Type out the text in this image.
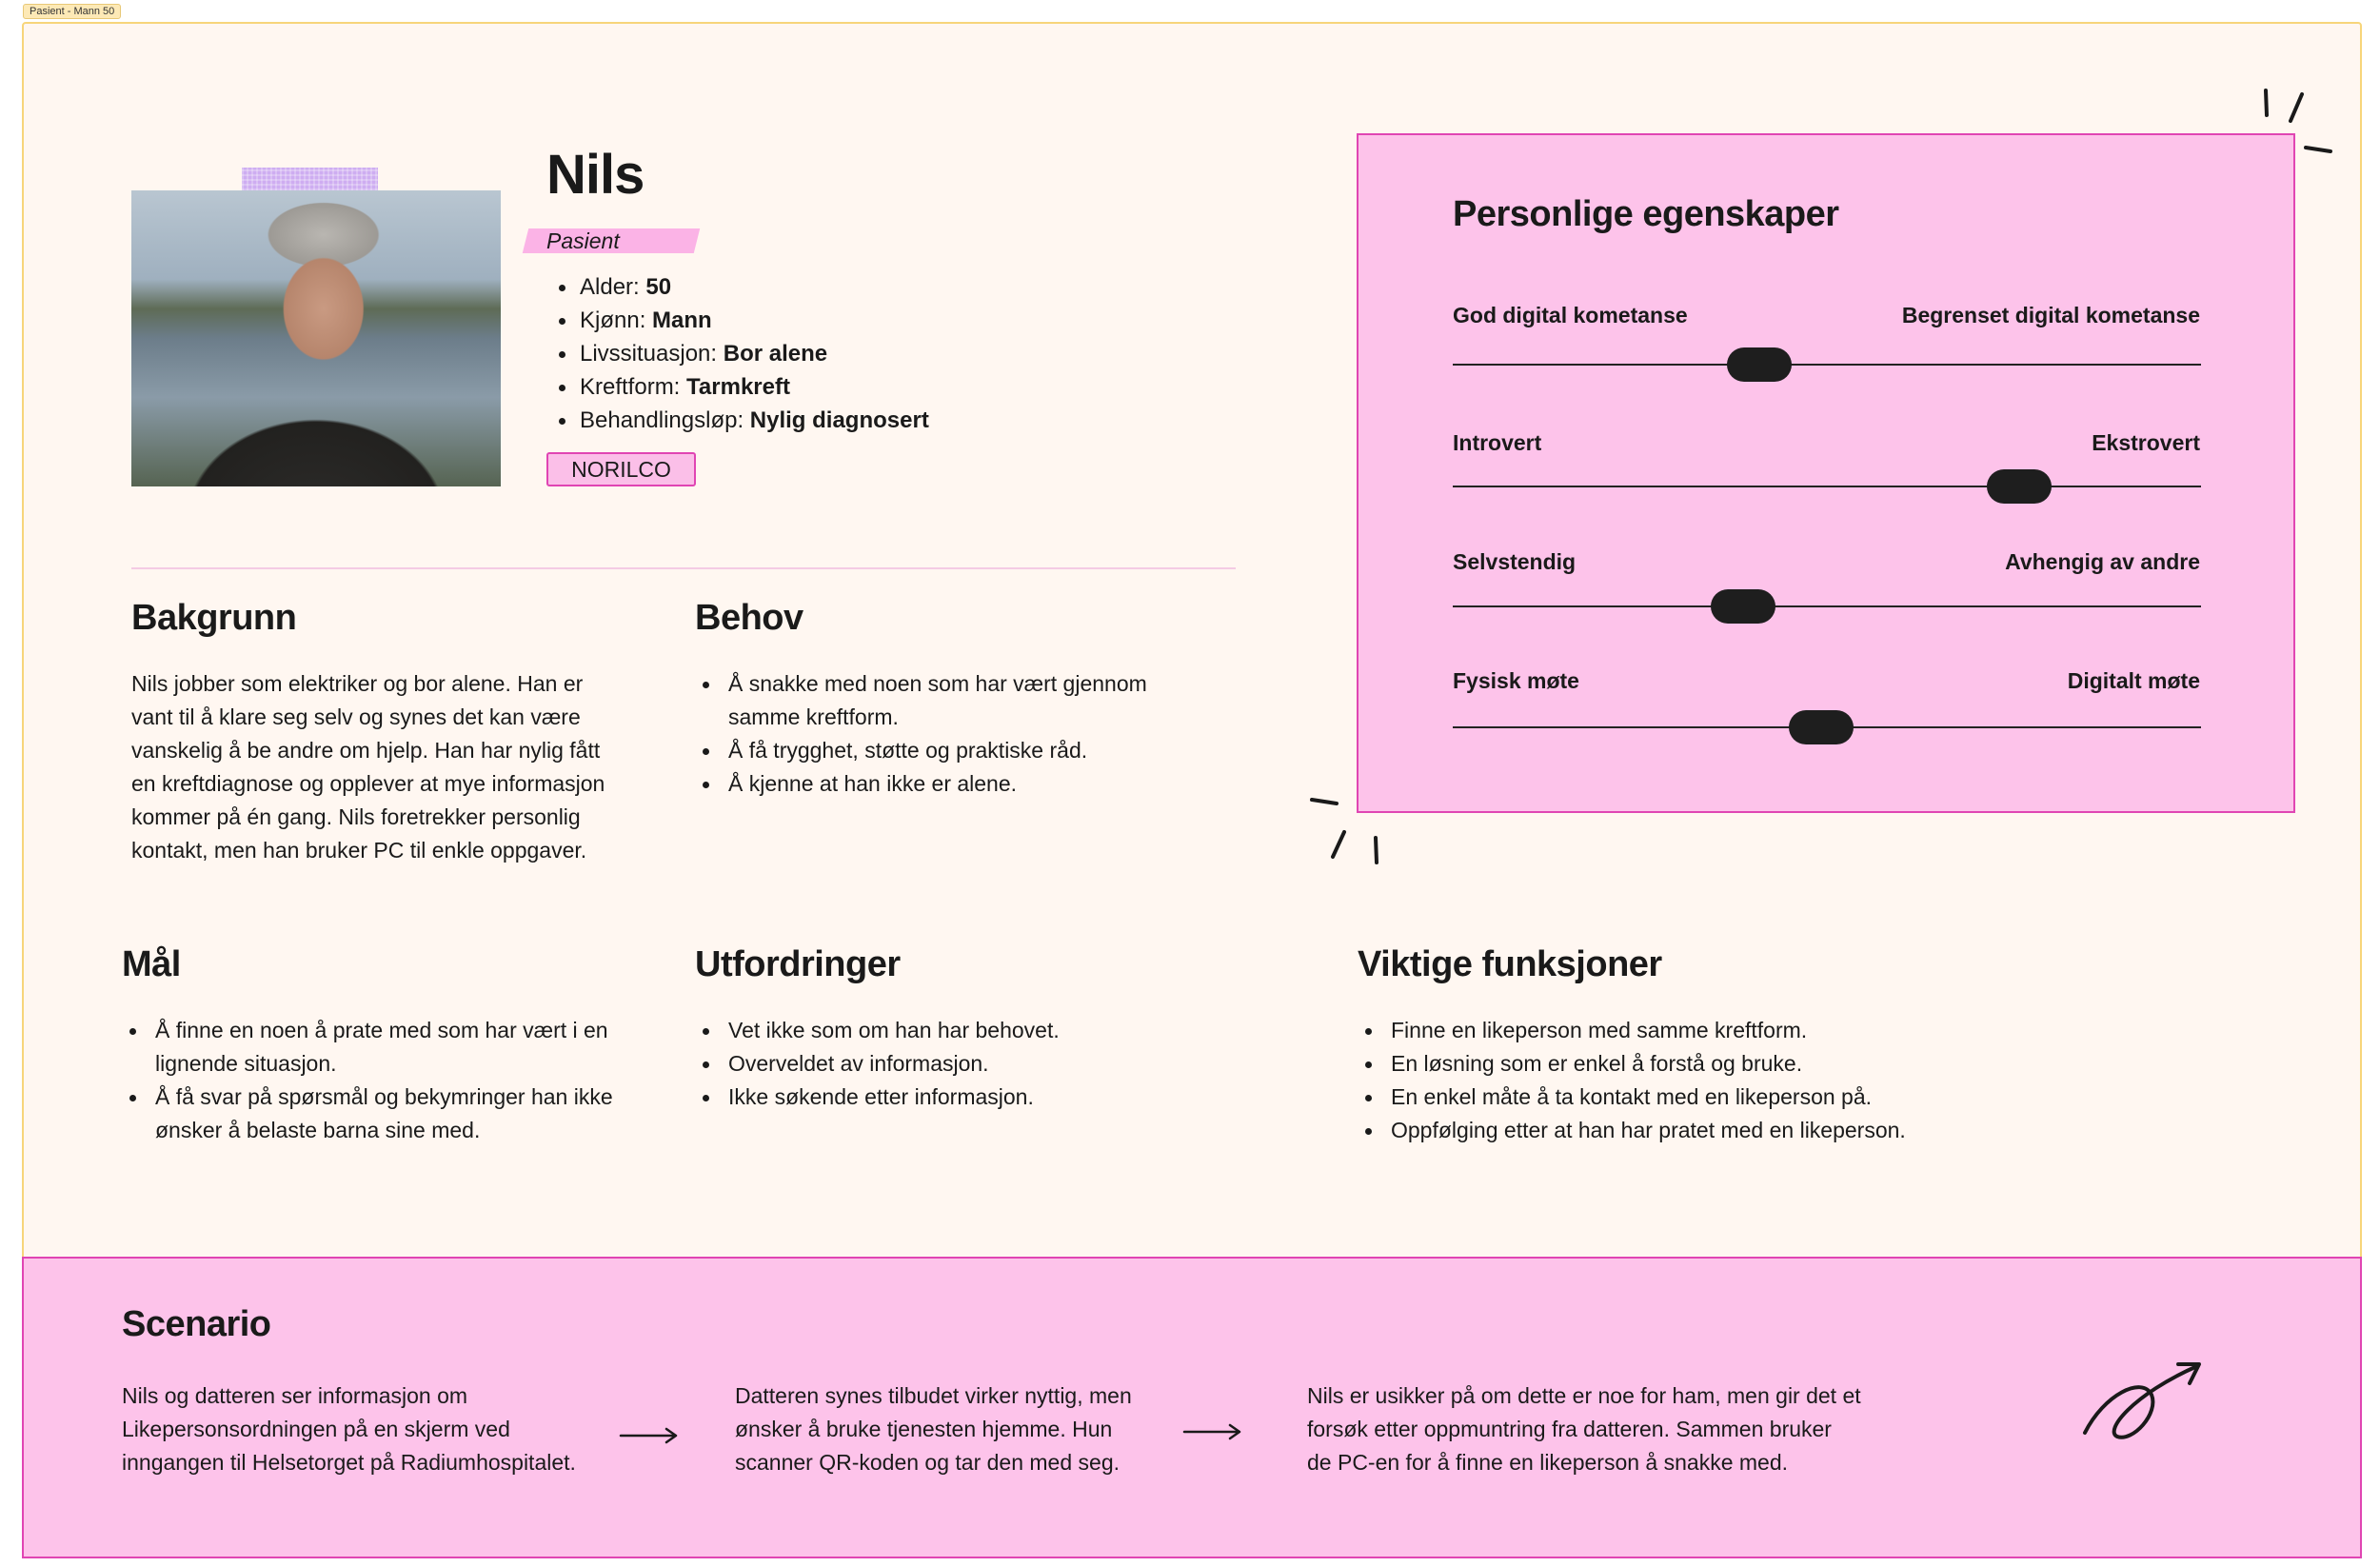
Pasient - Mann 50
Nils
Pasient
Alder: 50
Kjønn: Mann
Livssituasjon: Bor alene
Kreftform: Tarmkreft
Behandlingsløp: Nylig diagnosert
NORILCO
Bakgrunn
Nils jobber som elektriker og bor alene. Han er
vant til å klare seg selv og synes det kan være
vanskelig å be andre om hjelp. Han har nylig fått
en kreftdiagnose og opplever at mye informasjon
kommer på én gang. Nils foretrekker personlig
kontakt, men han bruker PC til enkle oppgaver.
Behov
Å snakke med noen som har vært gjennom
samme kreftform.
Å få trygghet, støtte og praktiske råd.
Å kjenne at han ikke er alene.
Mål
Å finne en noen å prate med som har vært i en
lignende situasjon.
Å få svar på spørsmål og bekymringer han ikke
ønsker å belaste barna sine med.
Utfordringer
Vet ikke som om han har behovet.
Overveldet av informasjon.
Ikke søkende etter informasjon.
Viktige funksjoner
Finne en likeperson med samme kreftform.
En løsning som er enkel å forstå og bruke.
En enkel måte å ta kontakt med en likeperson på.
Oppfølging etter at han har pratet med en likeperson.
Personlige egenskaper
God digital kometanse	Begrenset digital kometanse
Introvert	Ekstrovert
Selvstendig	Avhengig av andre
Fysisk møte	Digitalt møte
Scenario
Nils og datteren ser informasjon om
Likepersonsordningen på en skjerm ved
inngangen til Helsetorget på Radiumhospitalet.
Datteren synes tilbudet virker nyttig, men
ønsker å bruke tjenesten hjemme. Hun
scanner QR-koden og tar den med seg.
Nils er usikker på om dette er noe for ham, men gir det et
forsøk etter oppmuntring fra datteren. Sammen bruker
de PC-en for å finne en likeperson å snakke med.
